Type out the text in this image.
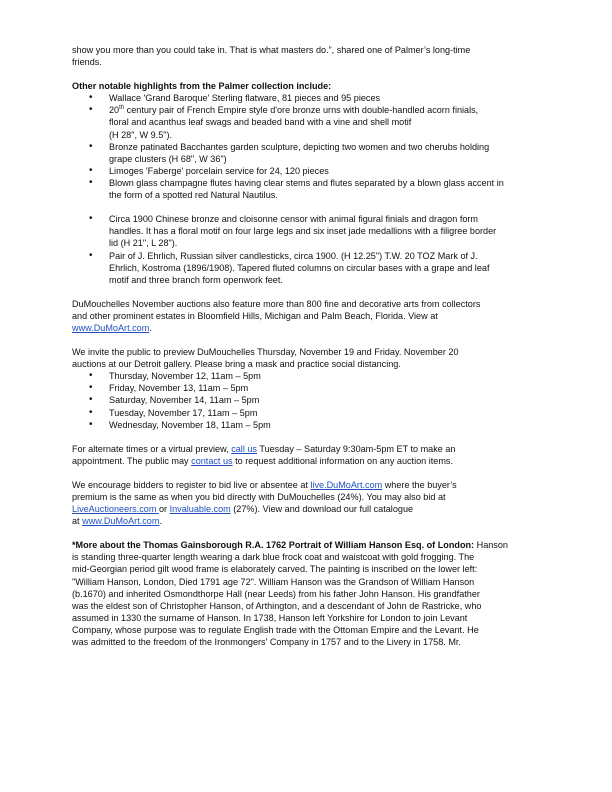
show you more than you could take in. That is what masters do.”, shared one of Palmer’s long-time
friends.

Other notable highlights from the Palmer collection include:

• Wallace 'Grand Baroque' Sterling flatware, 81 pieces and 95 pieces
• 20th century pair of French Empire style d'ore bronze urns with double-handled acorn finials,
floral and acanthus leaf swags and beaded band with a vine and shell motif
(H 28", W 9.5").
• Bronze patinated Bacchantes garden sculpture, depicting two women and two cherubs holding
grape clusters (H 68", W 36")
• Limoges 'Faberge' porcelain service for 24, 120 pieces
• Blown glass champagne flutes having clear stems and flutes separated by a blown glass accent in
the form of a spotted red Natural Nautilus.

• Circa 1900 Chinese bronze and cloisonne censor with animal figural finials and dragon form
handles. It has a floral motif on four large legs and six inset jade medallions with a filigree border
lid (H 21", L 28").
• Pair of J. Ehrlich, Russian silver candlesticks, circa 1900. (H 12.25") T.W. 20 TOZ Mark of J.
Ehrlich, Kostroma (1896/1908). Tapered fluted columns on circular bases with a grape and leaf
motif and three branch form openwork feet.

DuMouchelles November auctions also feature more than 800 fine and decorative arts from collectors
and other prominent estates in Bloomfield Hills, Michigan and Palm Beach, Florida. View at
www.DuMoArt.com.

We invite the public to preview DuMouchelles Thursday, November 19 and Friday. November 20
auctions at our Detroit gallery. Please bring a mask and practice social distancing.

• Thursday, November 12, 11am – 5pm
• Friday, November 13, 11am – 5pm
• Saturday, November 14, 11am – 5pm
• Tuesday, November 17, 11am – 5pm
• Wednesday, November 18, 11am – 5pm

For alternate times or a virtual preview, call us Tuesday – Saturday 9:30am-5pm ET to make an
appointment. The public may contact us to request additional information on any auction items.

We encourage bidders to register to bid live or absentee at live.DuMoArt.com where the buyer’s
premium is the same as when you bid directly with DuMouchelles (24%). You may also bid at
LiveAuctioneers.com or Invaluable.com (27%). View and download our full catalogue
at www.DuMoArt.com.

*More about the Thomas Gainsborough R.A. 1762 Portrait of William Hanson Esq. of London: Hanson
is standing three-quarter length wearing a dark blue frock coat and waistcoat with gold frogging. The
mid-Georgian period gilt wood frame is elaborately carved. The painting is inscribed on the lower left:
"William Hanson, London, Died 1791 age 72". William Hanson was the Grandson of William Hanson
(b.1670) and inherited Osmondthorpe Hall (near Leeds) from his father John Hanson. His grandfather
was the eldest son of Christopher Hanson, of Arthington, and a descendant of John de Rastricke, who
assumed in 1330 the surname of Hanson. In 1738, Hanson left Yorkshire for London to join Levant
Company, whose purpose was to regulate English trade with the Ottoman Empire and the Levant. He
was admitted to the freedom of the Ironmongers' Company in 1757 and to the Livery in 1758. Mr.
